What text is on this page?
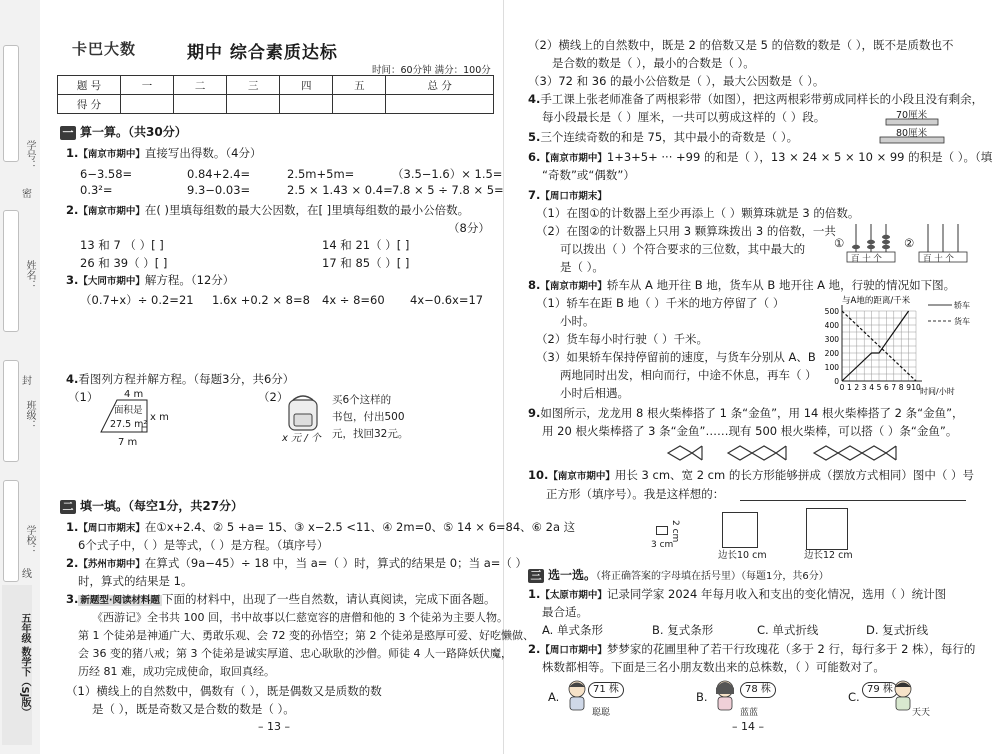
学号：
姓名：
班级：
学校：
密
封
线
五年级 数学下（SJ版）
卡巴大数	期中 综合素质达标
时间：60分钟 满分：100分
题 号	一	二	三	四	五	总 分
得 分						
一 算一算。（共30分）
1.【南京市期中】直接写出得数。（4分）
6−3.58=	0.84+2.4=	2.5m+5m=	（3.5−1.6）× 1.5=
0.3²=	9.3−0.03=	2.5 × 1.43 × 0.4= 7.8 × 5 ÷ 7.8 × 5=
2.【南京市期中】在( )里填每组数的最大公因数，在[ ]里填每组数的最小公倍数。
（8分）
13 和 7 （ ）[ ]	14 和 21（ ）[ ]
26 和 39（ ）[ ]	17 和 85（ ）[ ]
3.【大同市期中】解方程。（12分）
（0.7+x）÷ 0.2=21 1.6x +0.2 × 8=8 4x ÷ 8=60 4x−0.6x=17
4.看图列方程并解方程。（每题3分，共6分）
（1）	4 m
面积是
27.5 m²
x m
7 m
（2）
x 元 / 个
买6个这样的
书包，付出500
元，找回32元。
二 填一填。（每空1分，共27分）
1.【周口市期末】在①x+2.4、② 5 +a= 15、③ x−2.5 <11、④ 2m=0、⑤ 14 × 6=84、⑥ 2a 这
6个式子中，（ ）是等式，（ ）是方程。（填序号）
2.【苏州市期中】在算式（9a−45）÷ 18 中，当 a=（ ）时，算式的结果是 0；当 a=（ ）
时，算式的结果是 1。
3. 新题型·阅读材料题 下面的材料中，出现了一些自然数，请认真阅读，完成下面各题。
《西游记》全书共 100 回，书中故事以仁慈宽容的唐僧和他的 3 个徒弟为主要人物。
第 1 个徒弟是神通广大、勇敢乐观、会 72 变的孙悟空；第 2 个徒弟是憨厚可爱、好吃懒做、
会 36 变的猪八戒；第 3 个徒弟是诚实厚道、忠心耿耿的沙僧。师徒 4 人一路降妖伏魔，
历经 81 难，成功完成使命，取回真经。
（1）横线上的自然数中，偶数有（ ），既是偶数又是质数的数
是（ ），既是奇数又是合数的数是（ ）。
– 13 –
（2）横线上的自然数中，既是 2 的倍数又是 5 的倍数的数是（ ），既不是质数也不
是合数的数是（ ），最小的合数是（ ）。
（3）72 和 36 的最小公倍数是（ ），最大公因数是（ ）。
4.手工课上张老师准备了两根彩带（如图），把这两根彩带剪成同样长的小段且没有剩余，
每小段最长是（ ）厘米，一共可以剪成这样的（ ）段。	70厘米
80厘米
5.三个连续奇数的和是 75，其中最小的奇数是（ ）。
6.【南京市期中】1+3+5+ ··· +99 的和是（ ），13 × 24 × 5 × 10 × 99 的积是（ ）。（填
“奇数”或“偶数”）
7.【周口市期末】
（1）在图①的计数器上至少再添上（ ）颗算珠就是 3 的倍数。
（2）在图②的计数器上只用 3 颗算珠拨出 3 的倍数，一共
可以拨出（ ）个符合要求的三位数，其中最大的
是（ ）。
①
百 十 个
②
百 十 个
8.【南京市期中】轿车从 A 地开往 B 地，货车从 B 地开往 A 地，行驶的情况如下图。
（1）轿车在距 B 地（ ）千米的地方停留了（ ）
小时。
（2）货车每小时行驶（ ）千米。
（3）如果轿车保持停留前的速度，与货车分别从 A、B
两地同时出发，相向而行，中途不休息，再车（ ）
小时后相遇。
与A地的距离/千米	轿车
货车
0 1 2 3 4 5 6 7 8 9 10
0
100
200
300
400
500
时间/小时
9.如图所示，龙龙用 8 根火柴棒搭了 1 条“金鱼”，用 14 根火柴棒搭了 2 条“金鱼”，
用 20 根火柴棒搭了 3 条“金鱼”……现有 500 根火柴棒，可以搭（ ）条“金鱼”。
10.【南京市期中】用长 3 cm、宽 2 cm 的长方形能够拼成（摆放方式相同）图中（ ）号
正方形（填序号）。我是这样想的：
3 cm
2 cm
边长10 cm	边长12 cm
三 选一选。（将正确答案的字母填在括号里）（每题1分，共6分）
1.【太原市期中】记录同学家 2024 年每月收入和支出的变化情况，选用（ ）统计图
最合适。
A. 单式条形	B. 复式条形	C. 单式折线	D. 复式折线
2.【周口市期中】梦梦家的花圃里种了若干行玫瑰花（多于 2 行，每行多于 2 株），每行的
株数都相等。下面是三名小朋友数出来的总株数，（ ）可能数对了。
A.
71 株
聪聪
B.
78 株
蓝蓝
C.
79 株
天天
– 14 –
